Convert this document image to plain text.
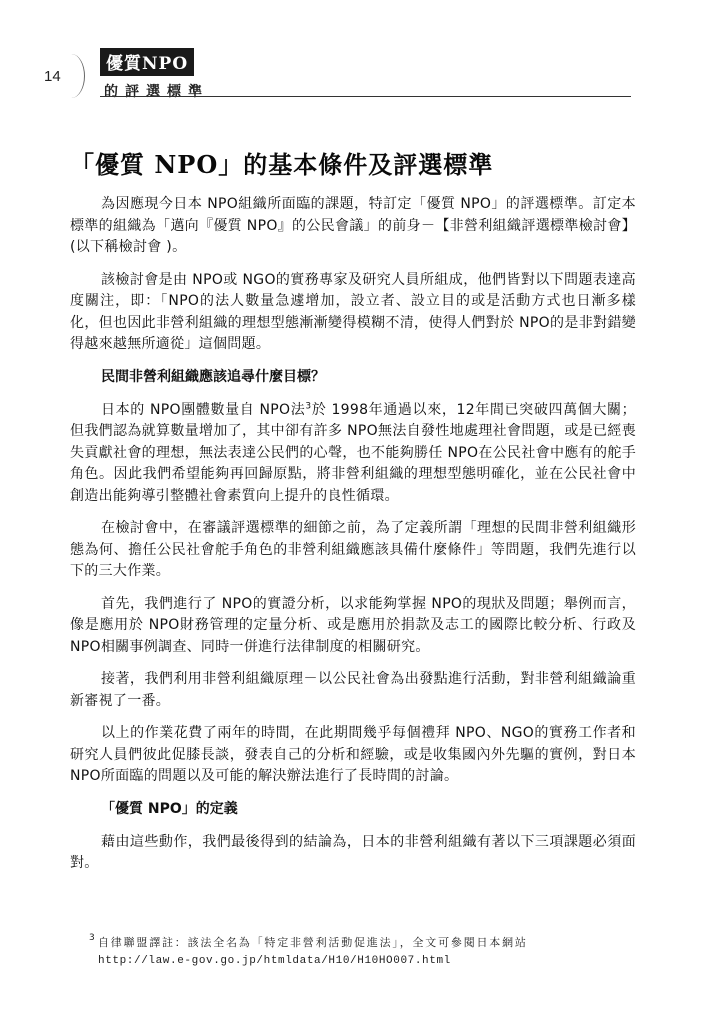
14
優質NPO
的評選標準
「優質 NPO」的基本條件及評選標準

為因應現今日本 NPO組織所面臨的課題，特訂定「優質 NPO」的評選標準。訂定本標準的組織為「邁向『優質 NPO』的公民會議」的前身－【非營利組織評選標準檢討會】 (以下稱檢討會 )。

該檢討會是由 NPO或 NGO的實務專家及研究人員所組成，他們皆對以下問題表達高度關注，即：「NPO的法人數量急遽增加，設立者、設立目的或是活動方式也日漸多樣化，但也因此非營利組織的理想型態漸漸變得模糊不清，使得人們對於 NPO的是非對錯變得越來越無所適從」這個問題。

民間非營利組織應該追尋什麼目標？

日本的 NPO團體數量自 NPO法$^3$於 1998年通過以來，12年間已突破四萬個大關；但我們認為就算數量增加了，其中卻有許多 NPO無法自發性地處理社會問題，或是已經喪失貢獻社會的理想，無法表達公民們的心聲，也不能夠勝任 NPO在公民社會中應有的舵手角色。因此我們希望能夠再回歸原點，將非營利組織的理想型態明確化，並在公民社會中創造出能夠導引整體社會素質向上提升的良性循環。

在檢討會中，在審議評選標準的細節之前，為了定義所謂「理想的民間非營利組織形態為何、擔任公民社會舵手角色的非營利組織應該具備什麼條件」等問題，我們先進行以下的三大作業。

首先，我們進行了 NPO的實證分析，以求能夠掌握 NPO的現狀及問題；舉例而言，像是應用於 NPO財務管理的定量分析、或是應用於捐款及志工的國際比較分析、行政及 NPO相關事例調查、同時一併進行法律制度的相關研究。

接著，我們利用非營利組織原理－以公民社會為出發點進行活動，對非營利組織論重新審視了一番。

以上的作業花費了兩年的時間，在此期間幾乎每個禮拜 NPO、NGO的實務工作者和研究人員們彼此促膝長談，發表自己的分析和經驗，或是收集國內外先驅的實例，對日本 NPO所面臨的問題以及可能的解決辦法進行了長時間的討論。

「優質 NPO」的定義

藉由這些動作，我們最後得到的結論為，日本的非營利組織有著以下三項課題必須面對。

3 自律聯盟譯註：該法全名為「特定非營利活動促進法」，全文可參閱日本網站
http://law.e-gov.go.jp/htmldata/H10/H10HO007.html
